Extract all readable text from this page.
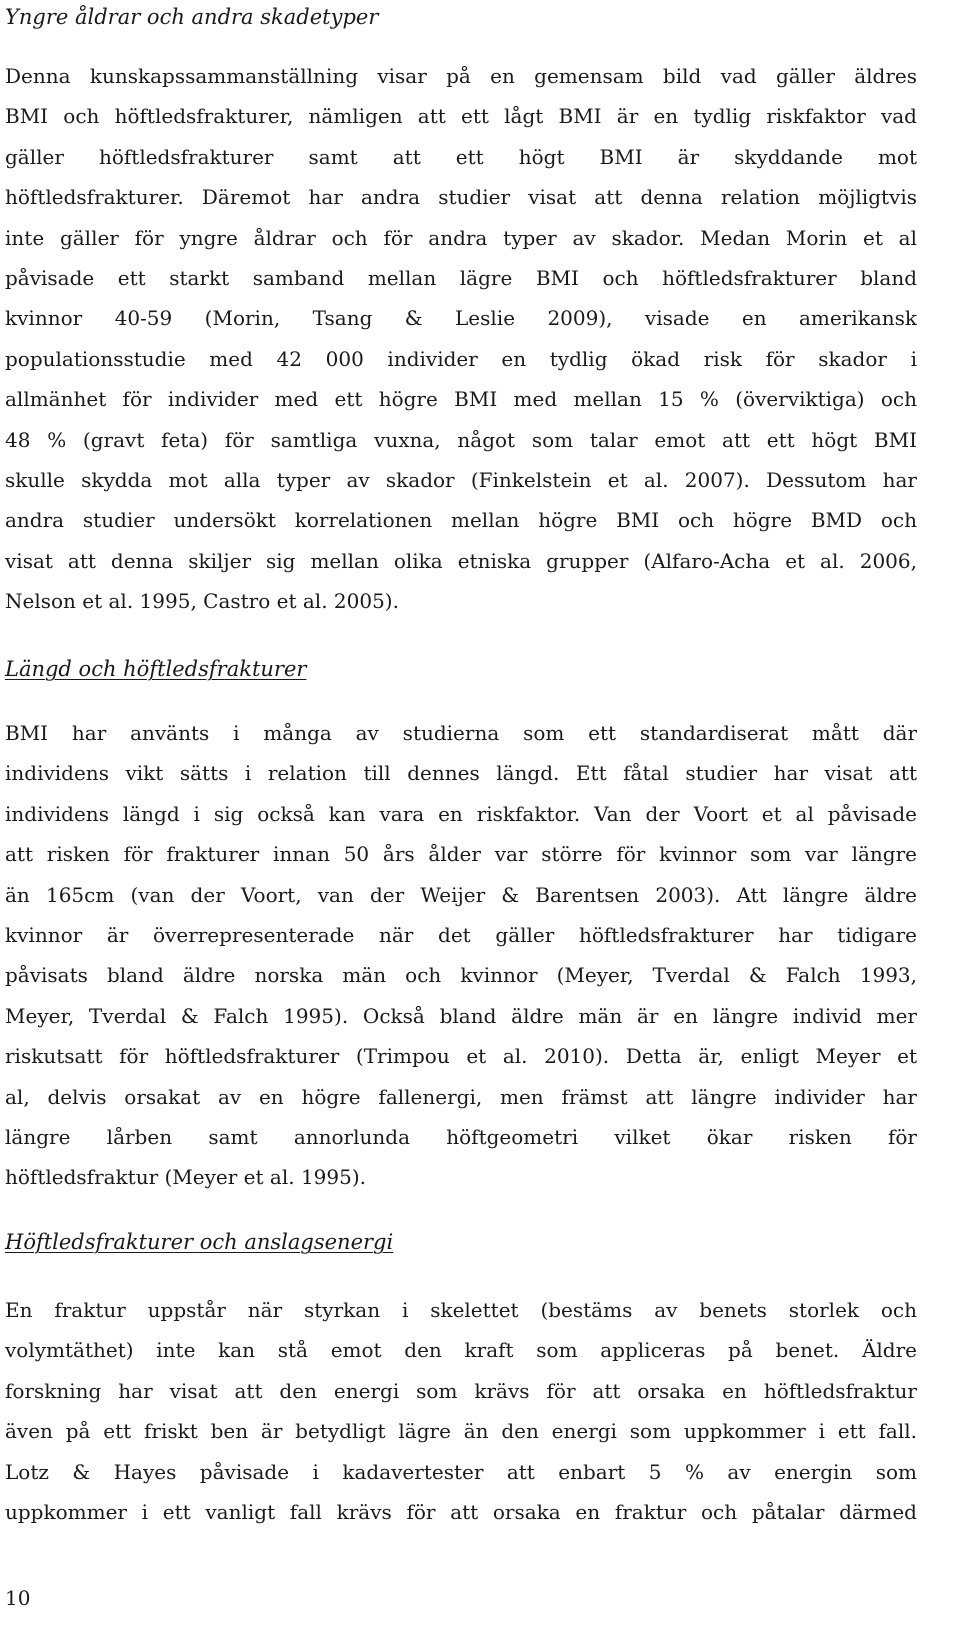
Yngre åldrar och andra skadetyper
Denna kunskapssammanställning visar på en gemensam bild vad gäller äldres
BMI och höftledsfrakturer, nämligen att ett lågt BMI är en tydlig riskfaktor vad
gäller höftledsfrakturer samt att ett högt BMI är skyddande mot
höftledsfrakturer. Däremot har andra studier visat att denna relation möjligtvis
inte gäller för yngre åldrar och för andra typer av skador. Medan Morin et al
påvisade ett starkt samband mellan lägre BMI och höftledsfrakturer bland
kvinnor 40-59 (Morin, Tsang & Leslie 2009), visade en amerikansk
populationsstudie med 42 000 individer en tydlig ökad risk för skador i
allmänhet för individer med ett högre BMI med mellan 15 % (överviktiga) och
48 % (gravt feta) för samtliga vuxna, något som talar emot att ett högt BMI
skulle skydda mot alla typer av skador (Finkelstein et al. 2007). Dessutom har
andra studier undersökt korrelationen mellan högre BMI och högre BMD och
visat att denna skiljer sig mellan olika etniska grupper (Alfaro-Acha et al. 2006,
Nelson et al. 1995, Castro et al. 2005).
Längd och höftledsfrakturer
BMI har använts i många av studierna som ett standardiserat mått där
individens vikt sätts i relation till dennes längd. Ett fåtal studier har visat att
individens längd i sig också kan vara en riskfaktor. Van der Voort et al påvisade
att risken för frakturer innan 50 års ålder var större för kvinnor som var längre
än 165cm (van der Voort, van der Weijer & Barentsen 2003). Att längre äldre
kvinnor är överrepresenterade när det gäller höftledsfrakturer har tidigare
påvisats bland äldre norska män och kvinnor (Meyer, Tverdal & Falch 1993,
Meyer, Tverdal & Falch 1995). Också bland äldre män är en längre individ mer
riskutsatt för höftledsfrakturer (Trimpou et al. 2010). Detta är, enligt Meyer et
al, delvis orsakat av en högre fallenergi, men främst att längre individer har
längre lårben samt annorlunda höftgeometri vilket ökar risken för
höftledsfraktur (Meyer et al. 1995).
Höftledsfrakturer och anslagsenergi
En fraktur uppstår när styrkan i skelettet (bestäms av benets storlek och
volymtäthet) inte kan stå emot den kraft som appliceras på benet. Äldre
forskning har visat att den energi som krävs för att orsaka en höftledsfraktur
även på ett friskt ben är betydligt lägre än den energi som uppkommer i ett fall.
Lotz & Hayes påvisade i kadavertester att enbart 5 % av energin som
uppkommer i ett vanligt fall krävs för att orsaka en fraktur och påtalar därmed
10
